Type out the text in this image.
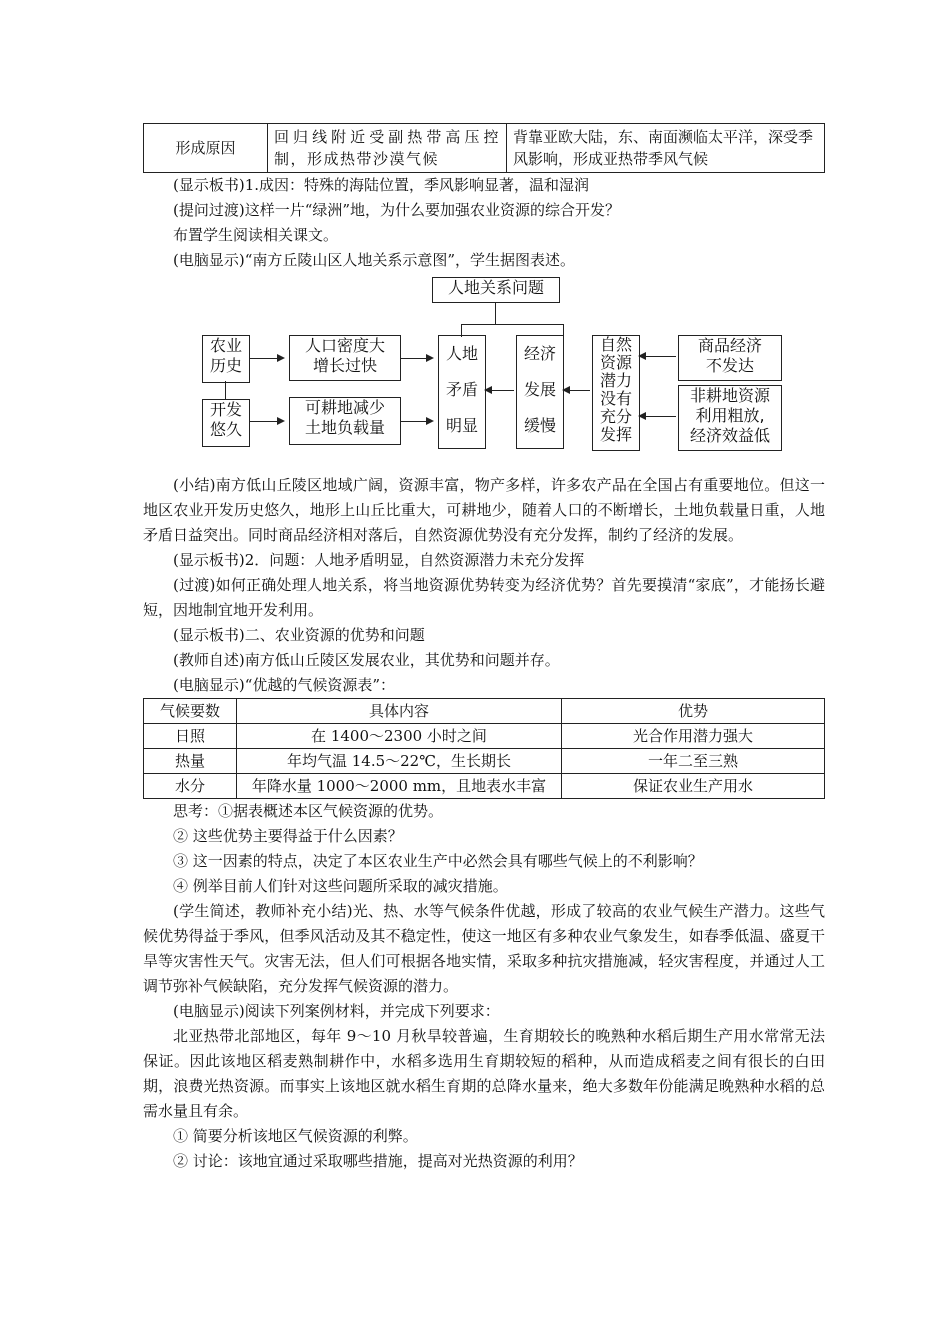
形成原因	回归线附近受副热带高压控制，形成热带沙漠气候	背靠亚欧大陆，东、南面濒临太平洋，深受季风影响，形成亚热带季风气候

(显示板书)1.成因：特殊的海陆位置，季风影响显著，温和湿润

(提问过渡)这样一片“绿洲”地，为什么要加强农业资源的综合开发？

布置学生阅读相关课文。

(电脑显示)“南方丘陵山区人地关系示意图”，学生据图表述。

人地关系问题
农业
历史
开发
悠久
人口密度大
增长过快
可耕地减少
土地负载量
人地
矛盾
明显
经济
发展
缓慢
自然
资源
潜力
没有
充分
发挥
商品经济
不发达
非耕地资源
利用粗放,
经济效益低

(小结)南方低山丘陵区地域广阔，资源丰富，物产多样，许多农产品在全国占有重要地位。但这一地区农业开发历史悠久，地形上山丘比重大，可耕地少，随着人口的不断增长，土地负载量日重，人地矛盾日益突出。同时商品经济相对落后，自然资源优势没有充分发挥，制约了经济的发展。

(显示板书)2．问题：人地矛盾明显，自然资源潜力未充分发挥

(过渡)如何正确处理人地关系，将当地资源优势转变为经济优势？首先要摸清“家底”，才能扬长避短，因地制宜地开发利用。

(显示板书)二、农业资源的优势和问题

(教师自述)南方低山丘陵区发展农业，其优势和问题并存。

(电脑显示)“优越的气候资源表”：

气候要数	具体内容	优势
日照	在 1400～2300 小时之间	光合作用潜力强大
热量	年均气温 14.5～22℃，生长期长	一年二至三熟
水分	年降水量 1000～2000 mm，且地表水丰富	保证农业生产用水

思考：①据表概述本区气候资源的优势。

② 这些优势主要得益于什么因素？

③ 这一因素的特点，决定了本区农业生产中必然会具有哪些气候上的不利影响？

④ 例举目前人们针对这些问题所采取的减灾措施。

(学生简述，教师补充小结)光、热、水等气候条件优越，形成了较高的农业气候生产潜力。这些气候优势得益于季风，但季风活动及其不稳定性，使这一地区有多种农业气象发生，如春季低温、盛夏干旱等灾害性天气。灾害无法，但人们可根据各地实情，采取多种抗灾措施减，轻灾害程度，并通过人工调节弥补气候缺陷，充分发挥气候资源的潜力。

(电脑显示)阅读下列案例材料，并完成下列要求：

北亚热带北部地区，每年 9～10 月秋旱较普遍，生育期较长的晚熟种水稻后期生产用水常常无法保证。因此该地区稻麦熟制耕作中，水稻多选用生育期较短的稻种，从而造成稻麦之间有很长的白田期，浪费光热资源。而事实上该地区就水稻生育期的总降水量来，绝大多数年份能满足晚熟种水稻的总需水量且有余。

① 简要分析该地区气候资源的利弊。

② 讨论：该地宜通过采取哪些措施，提高对光热资源的利用？
